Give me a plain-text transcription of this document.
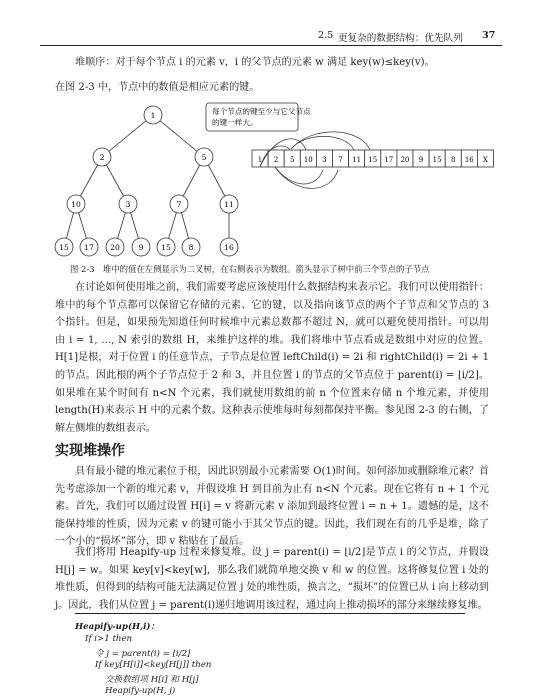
2.5 更复杂的数据结构：优先队列 37

堆顺序：对于每个节点 i 的元素 v，i 的父节点的元素 w 满足 key(w)≤key(v)。

在图 2-3 中，节点中的数值是相应元素的键。

1
2	5
10	3	7	11
15 17 20 9 15 8	16
每个节点的键至少与它父节点
的键一样大。
1 2 5 10 3 7 11 15 17 20 9 15 8 16 X
图 2-3　堆中的值在左侧显示为二叉树，在右侧表示为数组。箭头显示了树中前三个节点的子节点

在讨论如何使用堆之前，我们需要考虑应该使用什么数据结构来表示它。我们可以使用指针：堆中的每个节点都可以保留它存储的元素、它的键，以及指向该节点的两个子节点和父节点的 3 个指针。但是，如果预先知道任何时候堆中元素总数都不超过 N，就可以避免使用指针。可以用由 i = 1, …, N 索引的数组 H，来维护这样的堆。我们将堆中节点看成是数组中对应的位置。H[1]是根，对于位置 i 的任意节点，子节点是位置 leftChild(i) = 2i 和 rightChild(i) = 2i + 1 的节点。因此根的两个子节点位于 2 和 3，并且位置 i 的节点的父节点位于 parent(i) = ⌊i/2⌋。如果堆在某个时间有 n<N 个元素，我们就使用数组的前 n 个位置来存储 n 个堆元素，并使用 length(H)来表示 H 中的元素个数。这种表示使堆每时每刻都保持平衡。参见图 2-3 的右侧，了解左侧堆的数组表示。

实现堆操作

具有最小键的堆元素位于根，因此识别最小元素需要 O(1)时间。如何添加或删除堆元素？首先考虑添加一个新的堆元素 v，并假设堆 H 到目前为止有 n<N 个元素。现在它将有 n + 1 个元素。首先，我们可以通过设置 H[i] = v 将新元素 v 添加到最终位置 i = n + 1。遗憾的是，这不能保持堆的性质，因为元素 v 的键可能小于其父节点的键。因此，我们现在有的几乎是堆，除了一个小的“损坏”部分，即 v 粘贴在了最后。

我们将用 Heapify-up 过程来修复堆。设 j = parent(i) = ⌊i/2⌋是节点 i 的父节点，并假设 H[j] = w。如果 key[v]<key[w]，那么我们就简单地交换 v 和 w 的位置。这将修复位置 i 处的堆性质，但得到的结构可能无法满足位置 j 处的堆性质，换言之，“损坏”的位置已从 i 向上移动到 j。因此，我们从位置 j = parent(i)递归地调用该过程，通过向上推动损坏的部分来继续修复堆。

Heapify-up(H,i)：
If i>1 then
令 j = parent(i) = ⌊i/2⌋
If key[H[i]]<key[H[j]] then
交换数组项 H[i] 和 H[j]
Heapify-up(H, j)
